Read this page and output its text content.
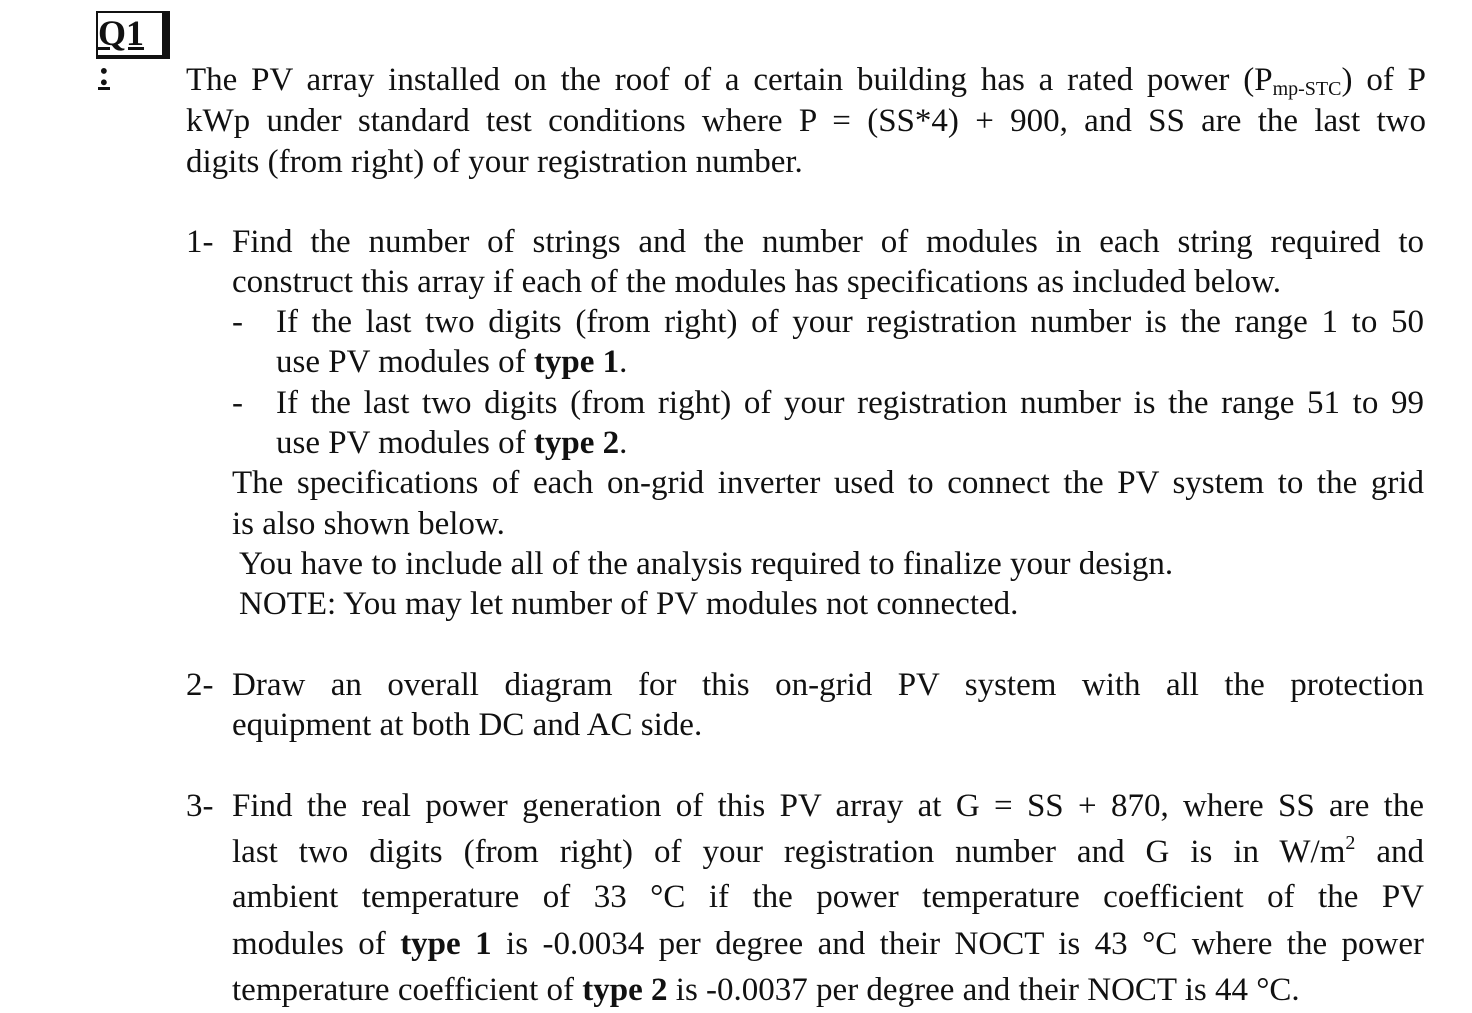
Q1 :	The PV array installed on the roof of a certain building has a rated power $(P_{mp-STC})$ of P
kWp under standard test conditions where P = (SS*4) + 900, and SS are the last two
digits (from right) of your registration number.
1- Find the number of strings and the number of modules in each string required to
construct this array if each of the modules has specifications as included below.
- If the last two digits (from right) of your registration number is the range 1 to 50
use PV modules of type 1.
- If the last two digits (from right) of your registration number is the range 51 to 99
use PV modules of type 2.
The specifications of each on-grid inverter used to connect the PV system to the grid
is also shown below.
You have to include all of the analysis required to finalize your design.
NOTE: You may let number of PV modules not connected.
2- Draw an overall diagram for this on-grid PV system with all the protection
equipment at both DC and AC side.
3- Find the real power generation of this PV array at G = SS + 870, where SS are the
last two digits (from right) of your registration number and G is in $W/m^2$ and
ambient temperature of 33 °C if the power temperature coefficient of the PV
modules of type 1 is -0.0034 per degree and their NOCT is 43 °C where the power
temperature coefficient of type 2 is -0.0037 per degree and their NOCT is 44 °C.
